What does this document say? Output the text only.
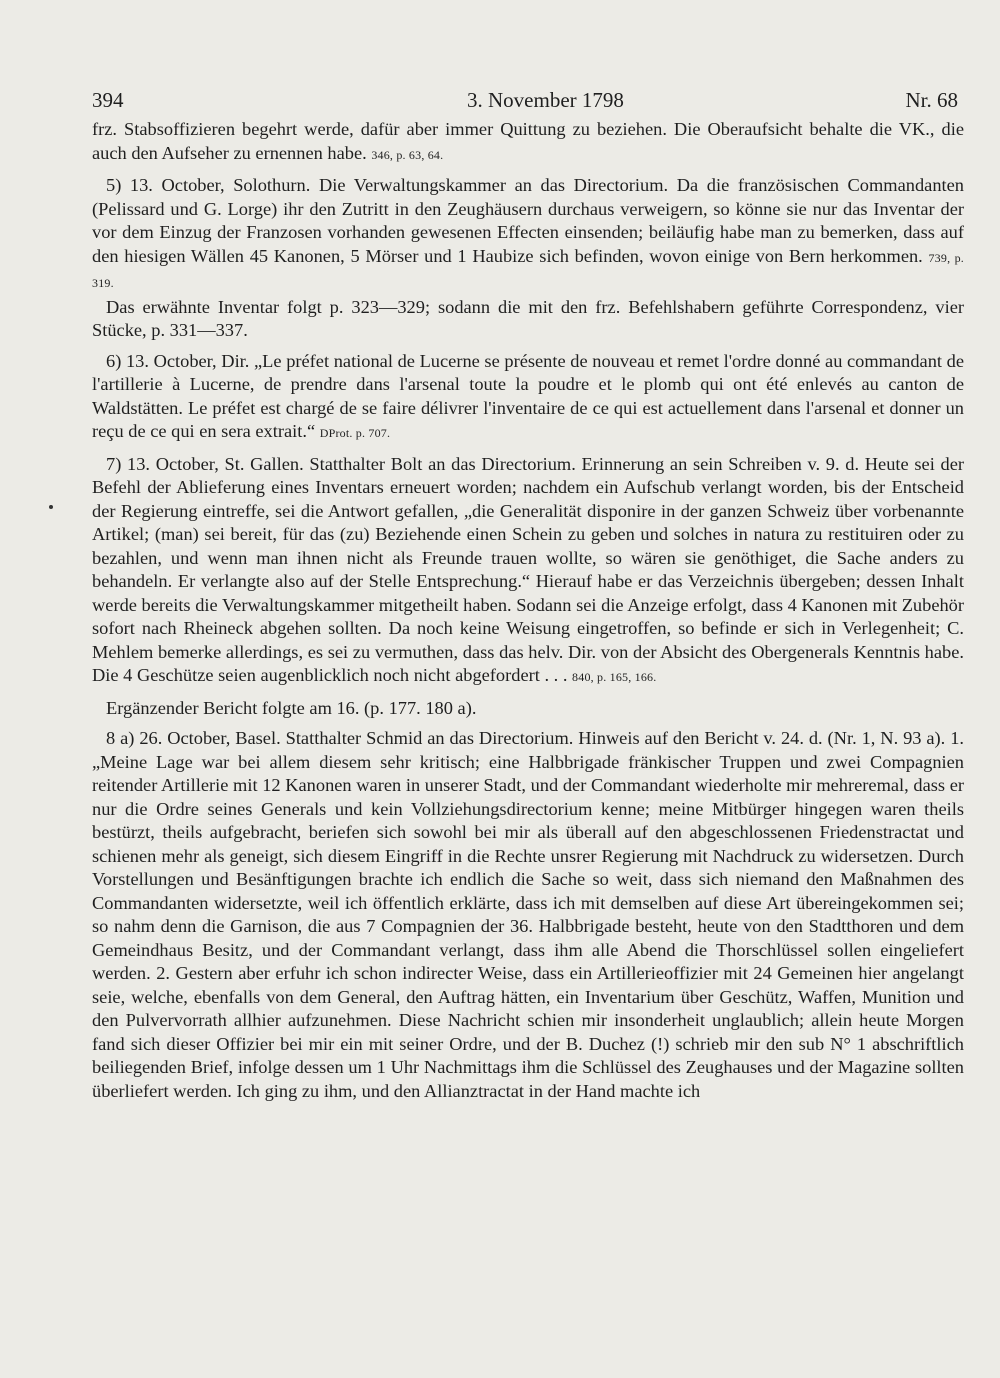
394	3. November 1798	Nr. 68

frz. Stabsoffizieren begehrt werde, dafür aber immer Quittung zu beziehen. Die Oberaufsicht behalte die VK., die auch den Aufseher zu ernennen habe. 346, p. 63, 64.

5) 13. October, Solothurn. Die Verwaltungskammer an das Directorium. Da die französischen Commandanten (Pelissard und G. Lorge) ihr den Zutritt in den Zeughäusern durchaus verweigern, so könne sie nur das Inventar der vor dem Einzug der Franzosen vorhanden gewesenen Effecten einsenden; beiläufig habe man zu bemerken, dass auf den hiesigen Wällen 45 Kanonen, 5 Mörser und 1 Haubize sich befinden, wovon einige von Bern herkommen. 739, p. 319.

Das erwähnte Inventar folgt p. 323—329; sodann die mit den frz. Befehlshabern geführte Correspondenz, vier Stücke, p. 331—337.

6) 13. October, Dir. „Le préfet national de Lucerne se présente de nouveau et remet l'ordre donné au commandant de l'artillerie à Lucerne, de prendre dans l'arsenal toute la poudre et le plomb qui ont été enlevés au canton de Waldstätten. Le préfet est chargé de se faire délivrer l'inventaire de ce qui est actuellement dans l'arsenal et donner un reçu de ce qui en sera extrait.“ DProt. p. 707.

7) 13. October, St. Gallen. Statthalter Bolt an das Directorium. Erinnerung an sein Schreiben v. 9. d. Heute sei der Befehl der Ablieferung eines Inventars erneuert worden; nachdem ein Aufschub verlangt worden, bis der Entscheid der Regierung eintreffe, sei die Antwort gefallen, „die Generalität disponire in der ganzen Schweiz über vorbenannte Artikel; (man) sei bereit, für das (zu) Beziehende einen Schein zu geben und solches in natura zu restituiren oder zu bezahlen, und wenn man ihnen nicht als Freunde trauen wollte, so wären sie genöthiget, die Sache anders zu behandeln. Er verlangte also auf der Stelle Entsprechung.“ Hierauf habe er das Verzeichnis übergeben; dessen Inhalt werde bereits die Verwaltungskammer mitgetheilt haben. Sodann sei die Anzeige erfolgt, dass 4 Kanonen mit Zubehör sofort nach Rheineck abgehen sollten. Da noch keine Weisung eingetroffen, so befinde er sich in Verlegenheit; C. Mehlem bemerke allerdings, es sei zu vermuthen, dass das helv. Dir. von der Absicht des Obergenerals Kenntnis habe. Die 4 Geschütze seien augenblicklich noch nicht abgefordert . . . 840, p. 165, 166.

Ergänzender Bericht folgte am 16. (p. 177. 180 a).

8 a) 26. October, Basel. Statthalter Schmid an das Directorium. Hinweis auf den Bericht v. 24. d. (Nr. 1, N. 93 a). 1. „Meine Lage war bei allem diesem sehr kritisch; eine Halbbrigade fränkischer Truppen und zwei Compagnien reitender Artillerie mit 12 Kanonen waren in unserer Stadt, und der Commandant wiederholte mir mehreremal, dass er nur die Ordre seines Generals und kein Vollziehungsdirectorium kenne; meine Mitbürger hingegen waren theils bestürzt, theils aufgebracht, beriefen sich sowohl bei mir als überall auf den abgeschlossenen Friedenstractat und schienen mehr als geneigt, sich diesem Eingriff in die Rechte unsrer Regierung mit Nachdruck zu widersetzen. Durch Vorstellungen und Besänftigungen brachte ich endlich die Sache so weit, dass sich niemand den Maßnahmen des Commandanten widersetzte, weil ich öffentlich erklärte, dass ich mit demselben auf diese Art übereingekommen sei; so nahm denn die Garnison, die aus 7 Compagnien der 36. Halbbrigade besteht, heute von den Stadtthoren und dem Gemeindhaus Besitz, und der Commandant verlangt, dass ihm alle Abend die Thorschlüssel sollen eingeliefert werden. 2. Gestern aber erfuhr ich schon indirecter Weise, dass ein Artillerieoffizier mit 24 Gemeinen hier angelangt seie, welche, ebenfalls von dem General, den Auftrag hätten, ein Inventarium über Geschütz, Waffen, Munition und den Pulvervorrath allhier aufzunehmen. Diese Nachricht schien mir insonderheit unglaublich; allein heute Morgen fand sich dieser Offizier bei mir ein mit seiner Ordre, und der B. Duchez (!) schrieb mir den sub N° 1 abschriftlich beiliegenden Brief, infolge dessen um 1 Uhr Nachmittags ihm die Schlüssel des Zeughauses und der Magazine sollten überliefert werden. Ich ging zu ihm, und den Allianztractat in der Hand machte ich
